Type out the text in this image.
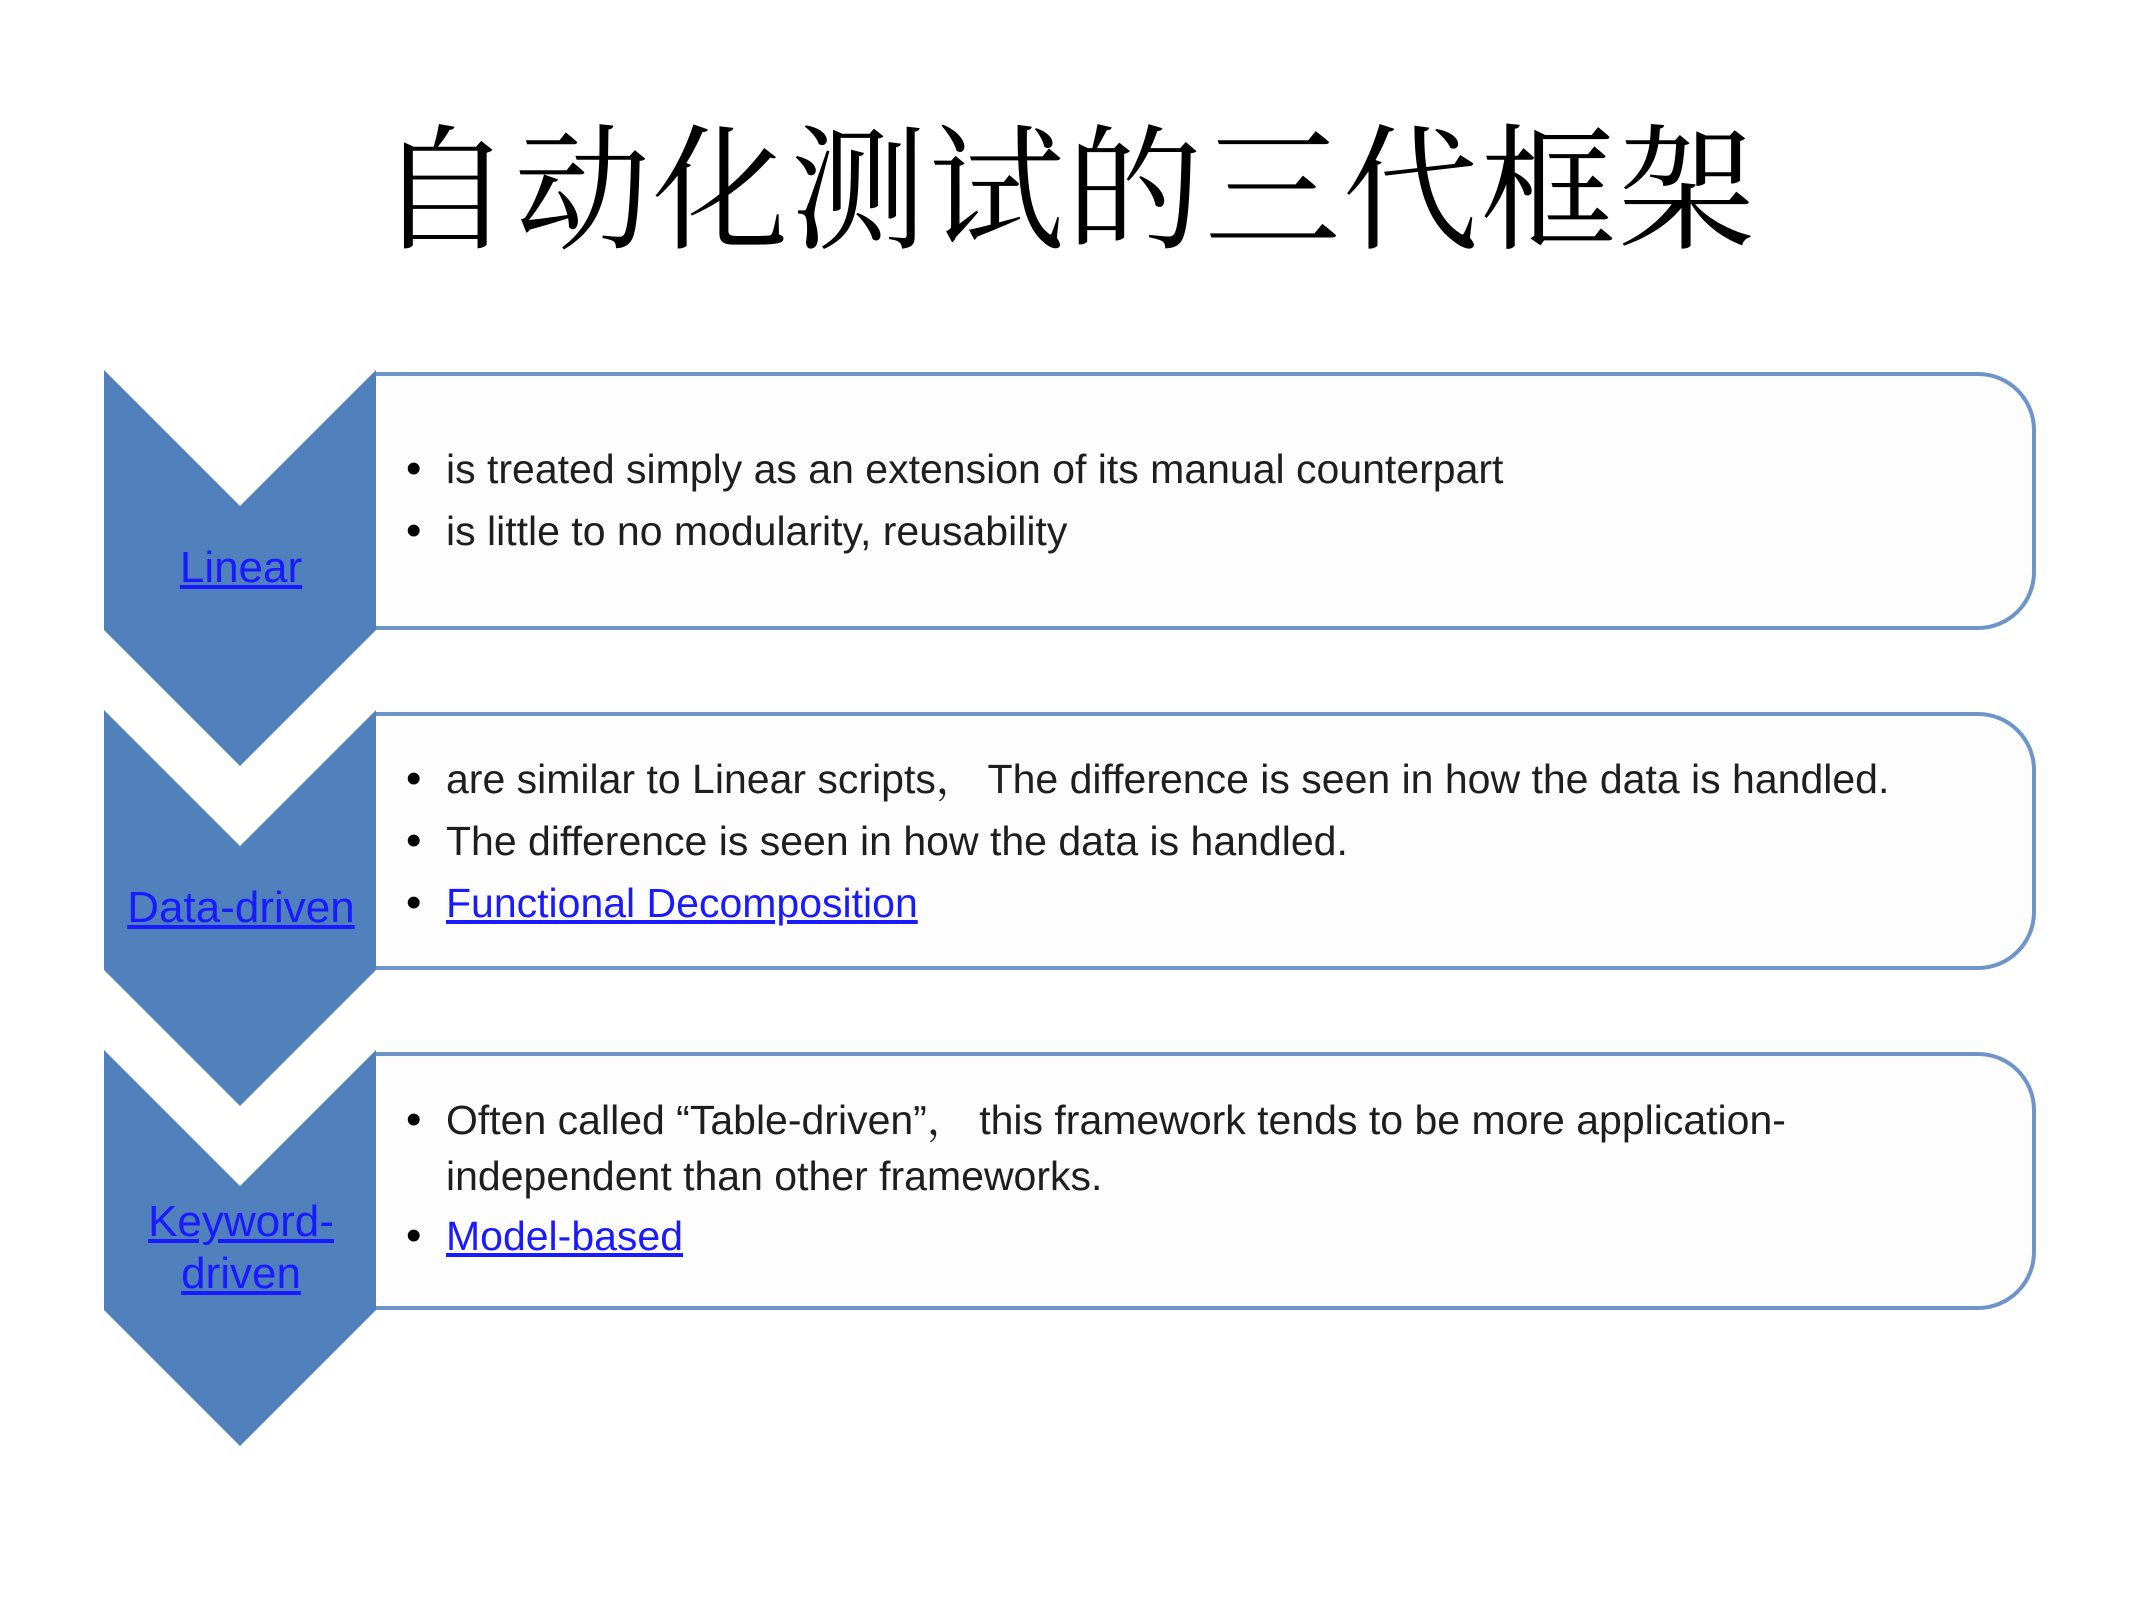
自动化测试的三代框架
Linear
• is treated simply as an extension of its manual counterpart
• is little to no modularity, reusability
Data-driven
• are similar to Linear scripts， The difference is seen in how the data is handled.
• The difference is seen in how the data is handled.
• Functional Decomposition
Keyword-
driven
• Often called “Table-driven”， this framework tends to be more application-
independent than other frameworks.
• Model-based
